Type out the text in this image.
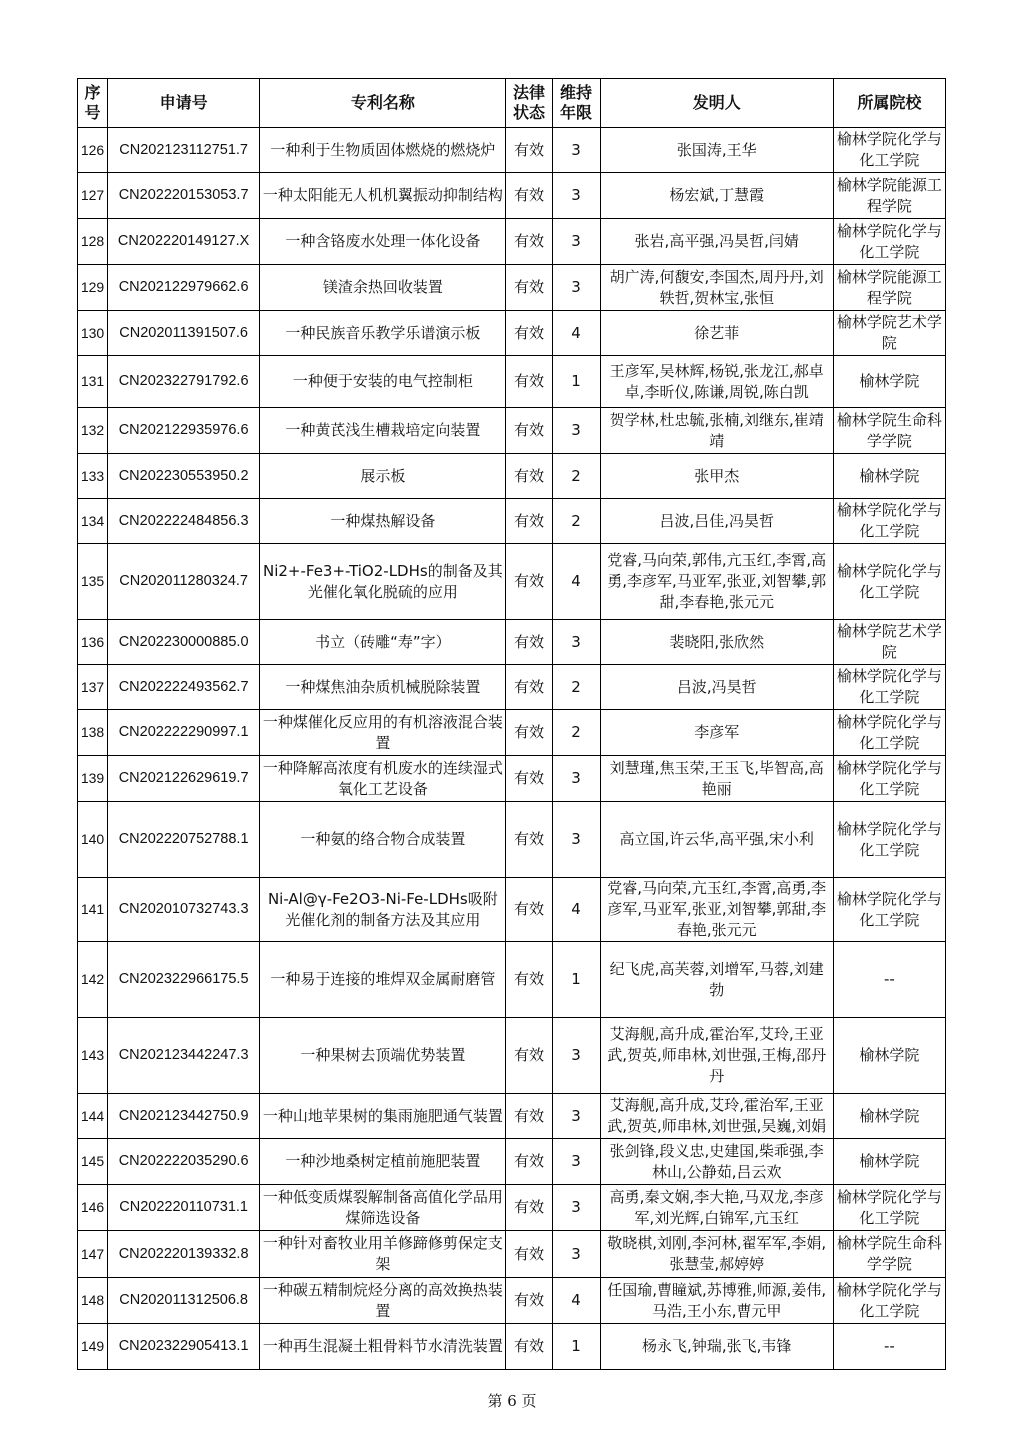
序号	申请号	专利名称	法律状态	维持年限	发明人	所属院校
126	CN202123112751.7	一种利于生物质固体燃烧的燃烧炉	有效	3	张国涛,王华	榆林学院化学与化工学院
127	CN202220153053.7	一种太阳能无人机机翼振动抑制结构	有效	3	杨宏斌,丁慧霞	榆林学院能源工程学院
128	CN202220149127.X	一种含铬废水处理一体化设备	有效	3	张岩,高平强,冯昊哲,闫婧	榆林学院化学与化工学院
129	CN202122979662.6	镁渣余热回收装置	有效	3	胡广涛,何馥安,李国杰,周丹丹,刘轶哲,贺林宝,张恒	榆林学院能源工程学院
130	CN202011391507.6	一种民族音乐教学乐谱演示板	有效	4	徐艺菲	榆林学院艺术学院
131	CN202322791792.6	一种便于安装的电气控制柜	有效	1	王彦军,吴林辉,杨锐,张龙江,郝卓卓,李昕仪,陈谦,周锐,陈白凯	榆林学院
132	CN202122935976.6	一种黄芪浅生槽栽培定向装置	有效	3	贺学林,杜忠毓,张楠,刘继东,崔靖靖	榆林学院生命科学学院
133	CN202230553950.2	展示板	有效	2	张甲杰	榆林学院
134	CN202222484856.3	一种煤热解设备	有效	2	吕波,吕佳,冯昊哲	榆林学院化学与化工学院
135	CN202011280324.7	Ni2+-Fe3+-TiO2-LDHs的制备及其光催化氧化脱硫的应用	有效	4	党睿,马向荣,郭伟,亢玉红,李霄,高勇,李彦军,马亚军,张亚,刘智攀,郭甜,李春艳,张元元	榆林学院化学与化工学院
136	CN202230000885.0	书立（砖雕“寿”字）	有效	3	裴晓阳,张欣然	榆林学院艺术学院
137	CN202222493562.7	一种煤焦油杂质机械脱除装置	有效	2	吕波,冯昊哲	榆林学院化学与化工学院
138	CN202222290997.1	一种煤催化反应用的有机溶液混合装置	有效	2	李彦军	榆林学院化学与化工学院
139	CN202122629619.7	一种降解高浓度有机废水的连续湿式氧化工艺设备	有效	3	刘慧瑾,焦玉荣,王玉飞,毕智高,高艳丽	榆林学院化学与化工学院
140	CN202220752788.1	一种氨的络合物合成装置	有效	3	高立国,许云华,高平强,宋小利	榆林学院化学与化工学院
141	CN202010732743.3	Ni-Al@γ-Fe2O3-Ni-Fe-LDHs吸附光催化剂的制备方法及其应用	有效	4	党睿,马向荣,亢玉红,李霄,高勇,李彦军,马亚军,张亚,刘智攀,郭甜,李春艳,张元元	榆林学院化学与化工学院
142	CN202322966175.5	一种易于连接的堆焊双金属耐磨管	有效	1	纪飞虎,高芙蓉,刘增军,马蓉,刘建勃	--
143	CN202123442247.3	一种果树去顶端优势装置	有效	3	艾海舰,高升成,霍治军,艾玲,王亚武,贺英,师串林,刘世强,王梅,邵丹丹	榆林学院
144	CN202123442750.9	一种山地苹果树的集雨施肥通气装置	有效	3	艾海舰,高升成,艾玲,霍治军,王亚武,贺英,师串林,刘世强,吴巍,刘娟	榆林学院
145	CN202222035290.6	一种沙地桑树定植前施肥装置	有效	3	张剑锋,段义忠,史建国,柴乖强,李林山,公静茹,吕云欢	榆林学院
146	CN202220110731.1	一种低变质煤裂解制备高值化学品用煤筛选设备	有效	3	高勇,秦文娴,李大艳,马双龙,李彦军,刘光辉,白锦军,亢玉红	榆林学院化学与化工学院
147	CN202220139332.8	一种针对畜牧业用羊修蹄修剪保定支架	有效	3	敬晓棋,刘刚,李河林,翟军军,李娟,张慧莹,郝婷婷	榆林学院生命科学学院
148	CN202011312506.8	一种碳五精制烷烃分离的高效换热装置	有效	4	任国瑜,曹瞳斌,苏博雅,师源,姜伟,马浩,王小东,曹元甲	榆林学院化学与化工学院
149	CN202322905413.1	一种再生混凝土粗骨料节水清洗装置	有效	1	杨永飞,钟瑞,张飞,韦锋	--
第 6 页
